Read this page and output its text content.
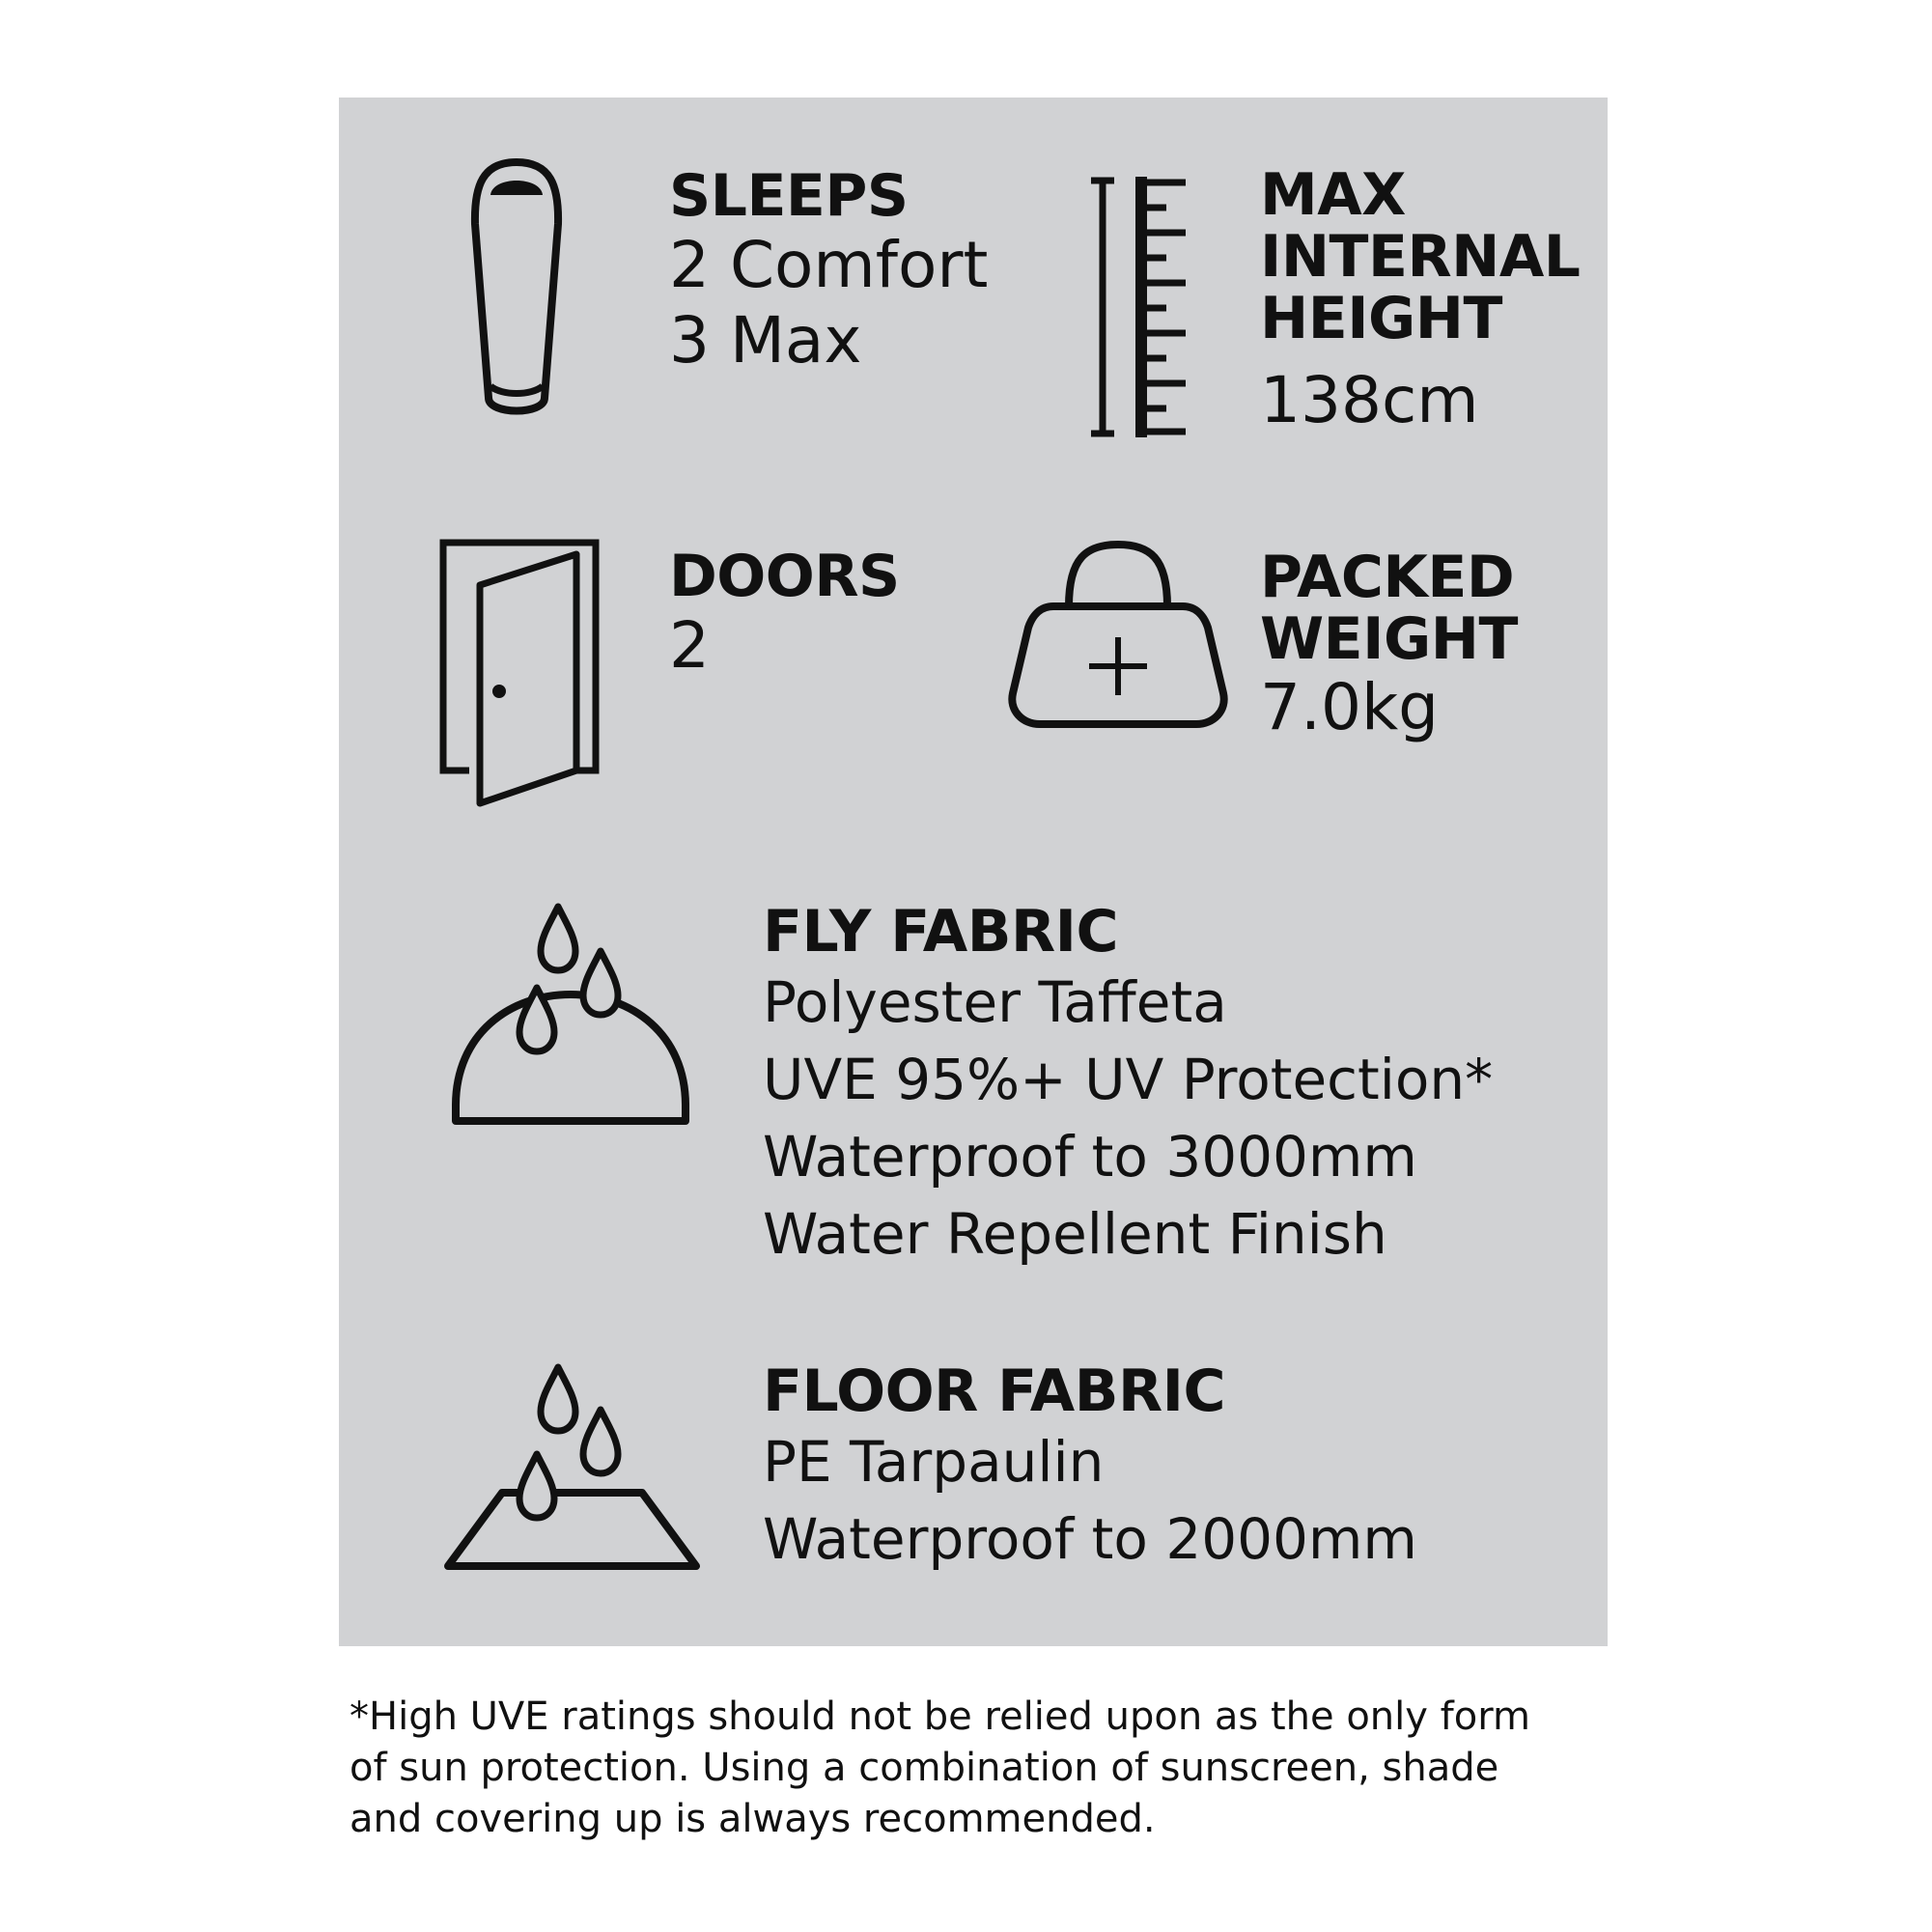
SLEEPS
2 Comfort
3 Max
MAX
INTERNAL
HEIGHT
138cm
DOORS
2
PACKED
WEIGHT
7.0kg
FLY FABRIC
Polyester Taffeta
UVE 95%+ UV Protection*
Waterproof to 3000mm
Water Repellent Finish
FLOOR FABRIC
PE Tarpaulin
Waterproof to 2000mm
*High UVE ratings should not be relied upon as the only form
of sun protection. Using a combination of sunscreen, shade
and covering up is always recommended.
